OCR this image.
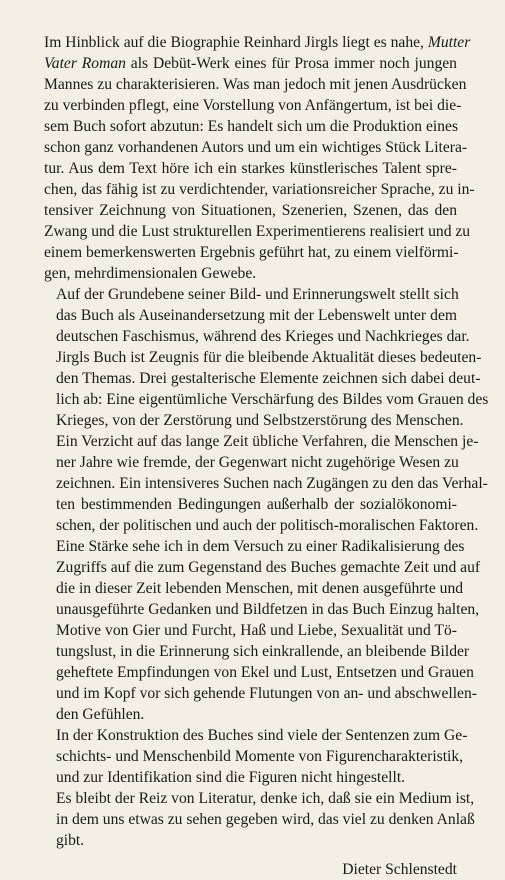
Im Hinblick auf die Biographie Reinhard Jirgls liegt es nahe, Mutter
Vater Roman als Debüt-Werk eines für Prosa immer noch jungen
Mannes zu charakterisieren. Was man jedoch mit jenen Ausdrücken
zu verbinden pflegt, eine Vorstellung von Anfängertum, ist bei die-
sem Buch sofort abzutun: Es handelt sich um die Produktion eines
schon ganz vorhandenen Autors und um ein wichtiges Stück Litera-
tur. Aus dem Text höre ich ein starkes künstlerisches Talent spre-
chen, das fähig ist zu verdichtender, variationsreicher Sprache, zu in-
tensiver Zeichnung von Situationen, Szenerien, Szenen, das den
Zwang und die Lust strukturellen Experimentierens realisiert und zu
einem bemerkenswerten Ergebnis geführt hat, zu einem vielförmi-
gen, mehrdimensionalen Gewebe.
Auf der Grundebene seiner Bild- und Erinnerungswelt stellt sich
das Buch als Auseinandersetzung mit der Lebenswelt unter dem
deutschen Faschismus, während des Krieges und Nachkrieges dar.
Jirgls Buch ist Zeugnis für die bleibende Aktualität dieses bedeuten-
den Themas. Drei gestalterische Elemente zeichnen sich dabei deut-
lich ab: Eine eigentümliche Verschärfung des Bildes vom Grauen des
Krieges, von der Zerstörung und Selbstzerstörung des Menschen.
Ein Verzicht auf das lange Zeit übliche Verfahren, die Menschen je-
ner Jahre wie fremde, der Gegenwart nicht zugehörige Wesen zu
zeichnen. Ein intensiveres Suchen nach Zugängen zu den das Verhal-
ten bestimmenden Bedingungen außerhalb der sozialökonomi-
schen, der politischen und auch der politisch-moralischen Faktoren.
Eine Stärke sehe ich in dem Versuch zu einer Radikalisierung des
Zugriffs auf die zum Gegenstand des Buches gemachte Zeit und auf
die in dieser Zeit lebenden Menschen, mit denen ausgeführte und
unausgeführte Gedanken und Bildfetzen in das Buch Einzug halten,
Motive von Gier und Furcht, Haß und Liebe, Sexualität und Tö-
tungslust, in die Erinnerung sich einkrallende, an bleibende Bilder
geheftete Empfindungen von Ekel und Lust, Entsetzen und Grauen
und im Kopf vor sich gehende Flutungen von an- und abschwellen-
den Gefühlen.
In der Konstruktion des Buches sind viele der Sentenzen zum Ge-
schichts- und Menschenbild Momente von Figurencharakteristik,
und zur Identifikation sind die Figuren nicht hingestellt.
Es bleibt der Reiz von Literatur, denke ich, daß sie ein Medium ist,
in dem uns etwas zu sehen gegeben wird, das viel zu denken Anlaß
gibt.
Dieter Schlenstedt
